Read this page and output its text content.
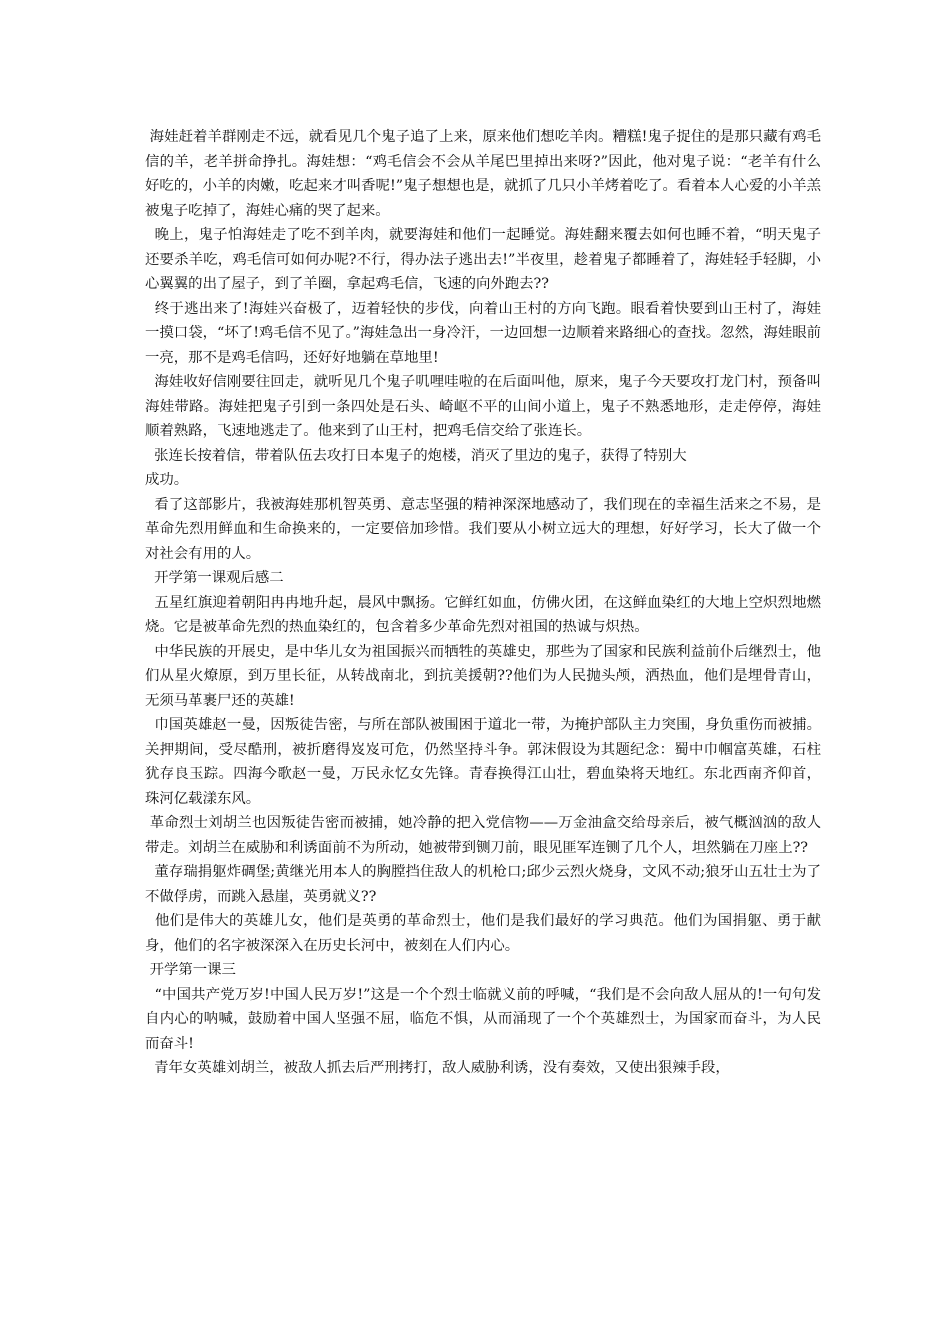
海娃赶着羊群刚走不远，就看见几个鬼子追了上来，原来他们想吃羊肉。糟糕!鬼子捉住的是那只藏有鸡毛信的羊，老羊拼命挣扎。海娃想：“鸡毛信会不会从羊尾巴里掉出来呀?”因此，他对鬼子说：“老羊有什么好吃的，小羊的肉嫩，吃起来才叫香呢!”鬼子想想也是，就抓了几只小羊烤着吃了。看着本人心爱的小羊羔被鬼子吃掉了，海娃心痛的哭了起来。

晚上，鬼子怕海娃走了吃不到羊肉，就要海娃和他们一起睡觉。海娃翻来覆去如何也睡不着，“明天鬼子还要杀羊吃，鸡毛信可如何办呢?不行，得办法子逃出去!”半夜里，趁着鬼子都睡着了，海娃轻手轻脚，小心翼翼的出了屋子，到了羊圈，拿起鸡毛信，飞速的向外跑去??

终于逃出来了!海娃兴奋极了，迈着轻快的步伐，向着山王村的方向飞跑。眼看着快要到山王村了，海娃一摸口袋，“坏了!鸡毛信不见了。”海娃急出一身冷汗，一边回想一边顺着来路细心的查找。忽然，海娃眼前一亮，那不是鸡毛信吗，还好好地躺在草地里!

海娃收好信刚要往回走，就听见几个鬼子叽哩哇啦的在后面叫他，原来，鬼子今天要攻打龙门村，预备叫海娃带路。海娃把鬼子引到一条四处是石头、崎岖不平的山间小道上，鬼子不熟悉地形，走走停停，海娃顺着熟路，飞速地逃走了。他来到了山王村，把鸡毛信交给了张连长。

张连长按着信，带着队伍去攻打日本鬼子的炮楼，消灭了里边的鬼子，获得了特别大
成功。

看了这部影片，我被海娃那机智英勇、意志坚强的精神深深地感动了，我们现在的幸福生活来之不易，是革命先烈用鲜血和生命换来的，一定要倍加珍惜。我们要从小树立远大的理想，好好学习，长大了做一个对社会有用的人。

开学第一课观后感二

五星红旗迎着朝阳冉冉地升起，晨风中飘扬。它鲜红如血，仿佛火团，在这鲜血染红的大地上空炽烈地燃烧。它是被革命先烈的热血染红的，包含着多少革命先烈对祖国的热诚与炽热。

中华民族的开展史，是中华儿女为祖国振兴而牺牲的英雄史，那些为了国家和民族利益前仆后继烈士，他们从星火燎原，到万里长征，从转战南北，到抗美援朝??他们为人民抛头颅，洒热血，他们是埋骨青山，无须马革裹尸还的英雄!

巾国英雄赵一曼，因叛徒告密，与所在部队被围困于道北一带，为掩护部队主力突围，身负重伤而被捕。关押期间，受尽酷刑，被折磨得岌岌可危，仍然坚持斗争。郭沫假设为其题纪念：蜀中巾帼富英雄，石柱犹存良玉踪。四海今歌赵一曼，万民永忆女先锋。青春换得江山壮，碧血染将天地红。东北西南齐仰首，珠河亿载漾东风。

革命烈士刘胡兰也因叛徒告密而被捕，她冷静的把入党信物——万金油盒交给母亲后，被气概汹汹的敌人带走。刘胡兰在威胁和利诱面前不为所动，她被带到铡刀前，眼见匪军连铡了几个人，坦然躺在刀座上??

董存瑞捐躯炸碉堡;黄继光用本人的胸膛挡住敌人的机枪口;邱少云烈火烧身，文风不动;狼牙山五壮士为了不做俘虏，而跳入悬崖，英勇就义??

他们是伟大的英雄儿女，他们是英勇的革命烈士，他们是我们最好的学习典范。他们为国捐躯、勇于献身，他们的名字被深深入在历史长河中，被刻在人们内心。

开学第一课三

“中国共产党万岁!中国人民万岁!”这是一个个烈士临就义前的呼喊，“我们是不会向敌人屈从的!一句句发自内心的呐喊，鼓励着中国人坚强不屈，临危不惧，从而涌现了一个个英雄烈士，为国家而奋斗，为人民而奋斗!

青年女英雄刘胡兰，被敌人抓去后严刑拷打，敌人威胁利诱，没有奏效，又使出狠辣手段，
